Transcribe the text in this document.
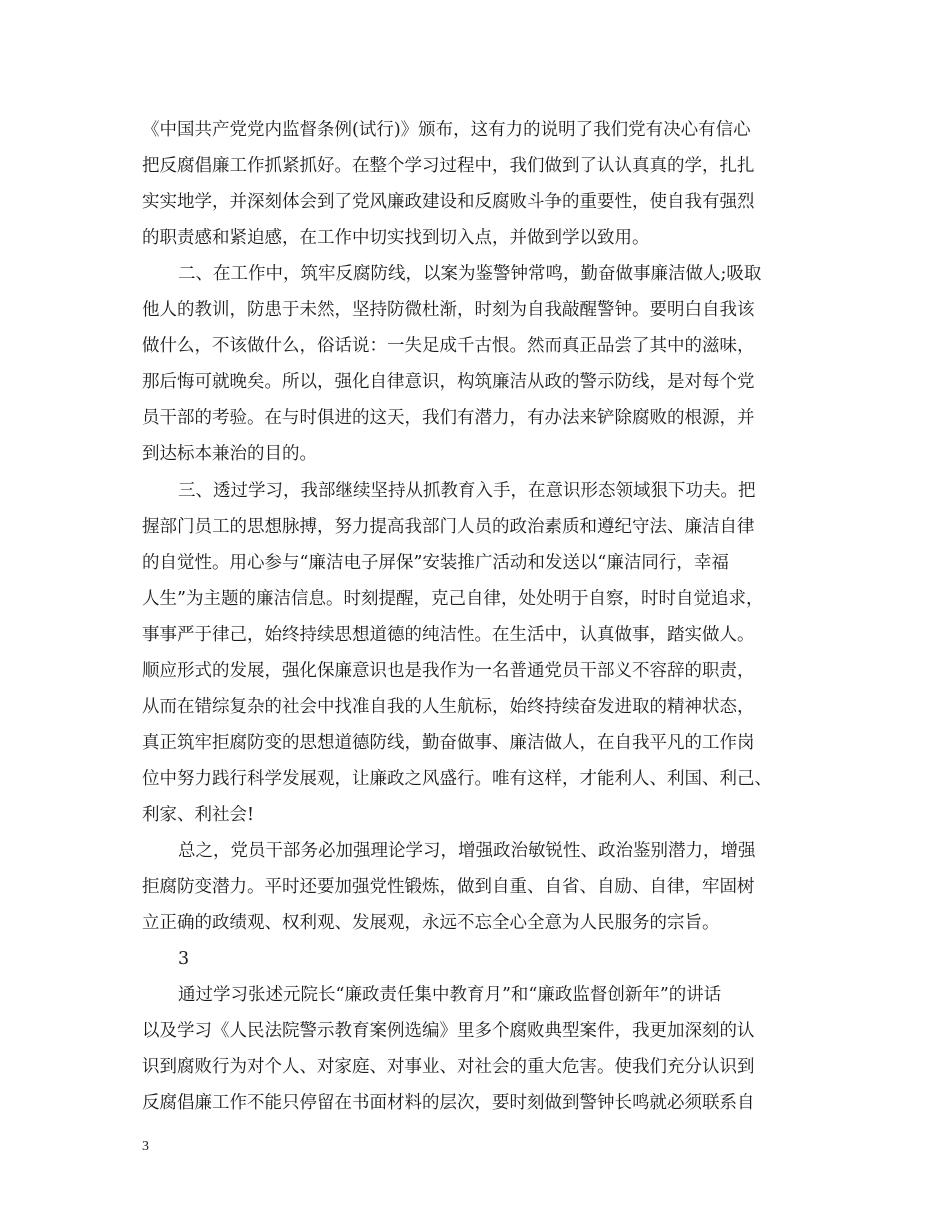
《中国共产党党内监督条例(试行)》颁布，这有力的说明了我们党有决心有信心

把反腐倡廉工作抓紧抓好。在整个学习过程中，我们做到了认认真真的学，扎扎

实实地学，并深刻体会到了党风廉政建设和反腐败斗争的重要性，使自我有强烈

的职责感和紧迫感，在工作中切实找到切入点，并做到学以致用。

二、在工作中，筑牢反腐防线，以案为鉴警钟常鸣，勤奋做事廉洁做人;吸取

他人的教训，防患于未然，坚持防微杜渐，时刻为自我敲醒警钟。要明白自我该

做什么，不该做什么，俗话说：一失足成千古恨。然而真正品尝了其中的滋味，

那后悔可就晚矣。所以，强化自律意识，构筑廉洁从政的警示防线，是对每个党

员干部的考验。在与时俱进的这天，我们有潜力，有办法来铲除腐败的根源，并

到达标本兼治的目的。

三、透过学习，我部继续坚持从抓教育入手，在意识形态领域狠下功夫。把

握部门员工的思想脉搏，努力提高我部门人员的政治素质和遵纪守法、廉洁自律

的自觉性。用心参与“廉洁电子屏保”安装推广活动和发送以“廉洁同行，幸福

人生”为主题的廉洁信息。时刻提醒，克己自律，处处明于自察，时时自觉追求，

事事严于律己，始终持续思想道德的纯洁性。在生活中，认真做事，踏实做人。

顺应形式的发展，强化保廉意识也是我作为一名普通党员干部义不容辞的职责，

从而在错综复杂的社会中找准自我的人生航标，始终持续奋发进取的精神状态，

真正筑牢拒腐防变的思想道德防线，勤奋做事、廉洁做人，在自我平凡的工作岗

位中努力践行科学发展观，让廉政之风盛行。唯有这样，才能利人、利国、利己、

利家、利社会!

总之，党员干部务必加强理论学习，增强政治敏锐性、政治鉴别潜力，增强

拒腐防变潜力。平时还要加强党性锻炼，做到自重、自省、自励、自律，牢固树

立正确的政绩观、权利观、发展观，永远不忘全心全意为人民服务的宗旨。

3

通过学习张述元院长“廉政责任集中教育月”和“廉政监督创新年”的讲话

以及学习《人民法院警示教育案例选编》里多个腐败典型案件，我更加深刻的认

识到腐败行为对个人、对家庭、对事业、对社会的重大危害。使我们充分认识到

反腐倡廉工作不能只停留在书面材料的层次，要时刻做到警钟长鸣就必须联系自

3
